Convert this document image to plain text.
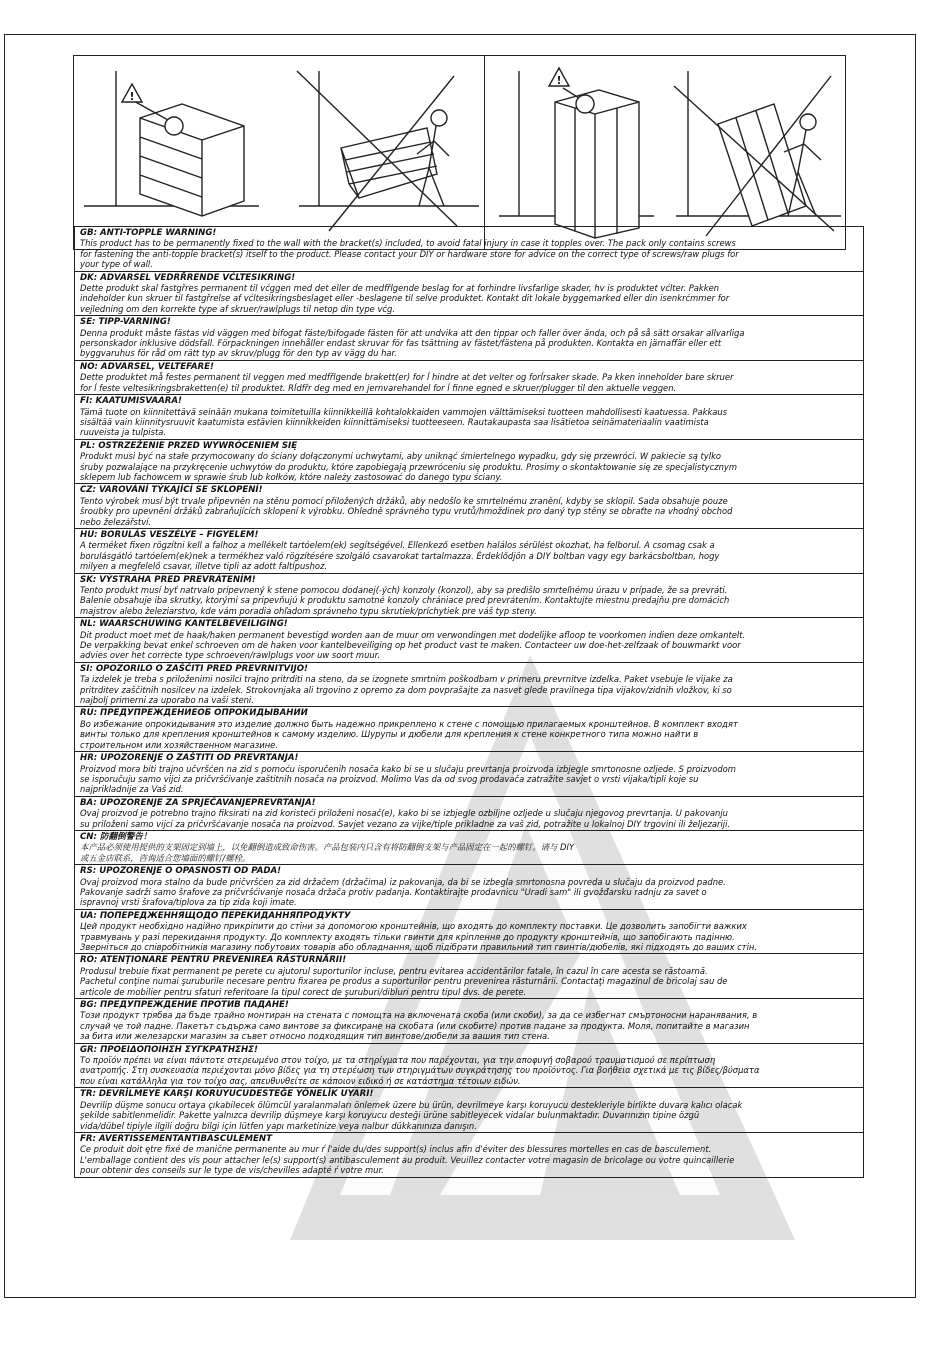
!
!
GB: ANTI-TOPPLE WARNING!

This product has to be permanently fixed to the wall with the bracket(s) included, to avoid fatal injury in case it topples over. The pack only contains screws
for fastening the anti-topple bracket(s) itself to the product. Please contact your DIY or hardware store for advice on the correct type of screws/raw plugs for
your type of wall.

DK: ADVARSEL VEDRŘRENDE VĆLTESIKRING!

Dette produkt skal fastgřres permanent til vćggen med det eller de medfřlgende beslag for at forhindre livsfarlige skader, hv is produktet vćlter. Pakken
indeholder kun skruer til fastgřrelse af vćltesikringsbeslaget eller -beslagene til selve produktet. Kontakt dit lokale byggemarked eller din isenkrćmmer for
vejledning om den korrekte type af skruer/rawlplugs til netop din type vćg.

SE: TIPP-VARNING!

Denna produkt måste fästas vid väggen med bifogat fäste/bifogade fästen för att undvika att den tippar och faller över ända, och på så sätt orsakar allvarliga
personskador inklusive dödsfall. Förpackningen innehåller endast skruvar för fas tsättning av fästet/fästena på produkten. Kontakta en järnaffär eller ett
byggvaruhus för råd om rätt typ av skruv/plugg för den typ av vägg du har.

NO: ADVARSEL, VELTEFARE!

Dette produktet må festes permanent til veggen med medfřlgende brakett(er) for ĺ hindre at det velter og forĺrsaker skade. Pa kken inneholder bare skruer
for ĺ feste veltesikringsbraketten(e) til produktet. Rĺdfřr deg med en jernvarehandel for ĺ finne egned e skruer/plugger til den aktuelle veggen.

FI: KAATUMISVAARA!

Tämä tuote on kiinnitettävä seinään mukana toimitetuilla kiinnikkeillä kohtalokkaiden vammojen välttämiseksi tuotteen mahdollisesti kaatuessa. Pakkaus
sisältää vain kiinnitysruuvit kaatumista estävien kiinnikkeiden kiinnittämiseksi tuotteeseen. Rautakaupasta saa lisätietoa seinämateriaalin vaatimista
ruuveista ja tulpista.

PL: OSTRZEŻENIE PRZED WYWRÓCENIEM SIĘ

Produkt musi być na stałe przymocowany do ściany dołączonymi uchwytami, aby uniknąć śmiertelnego wypadku, gdy się przewróci. W pakiecie są tylko
śruby pozwalające na przykręcenie uchwytów do produktu, które zapobiegają przewróceniu się produktu. Prosimy o skontaktowanie się ze specjalistycznym
sklepem lub fachowcem w sprawie śrub lub kołków, które należy zastosować do danego typu ściany.

CZ: VAROVÁNÍ TÝKAJÍCÍ SE SKLOPENÍ!

Tento výrobek musí být trvale připevněn na stěnu pomocí přiložených držáků, aby nedošlo ke smrtelnému zranění, kdyby se sklopil. Sada obsahuje pouze
šroubky pro upevnění držáků zabraňujících sklopení k výrobku. Ohledně správného typu vrutů/hmoždinek pro daný typ stěny se obraťte na vhodný obchod
nebo železářství.

HU: BORULÁS VESZÉLYE – FIGYELEM!

A terméket fixen rögzítni kell a falhoz a mellékelt tartóelem(ek) segítségével. Ellenkező esetben halálos sérülést okozhat, ha felborul. A csomag csak a
borulásgátló tartóelem(ek)nek a termékhez való rögzítésére szolgáló csavarokat tartalmazza. Érdeklődjön a DIY boltban vagy egy barkácsboltban, hogy
milyen a megfelelő csavar, illetve tipli az adott faltípushoz.

SK: VÝSTRAHA PRED PREVRÁTENÍM!

Tento produkt musí byť natrvalo pripevnený k stene pomocou dodanej(-ých) konzoly (konzol), aby sa predišlo smrteľnému úrazu v prípade, že sa prevráti.
Balenie obsahuje iba skrutky, ktorými sa pripevňujú k produktu samotné konzoly chrániace pred prevrátením. Kontaktujte miestnu predajňu pre domácich
majstrov alebo železiarstvo, kde vám poradia ohľadom správneho typu skrutiek/príchytiek pre váš typ steny.

NL: WAARSCHUWING KANTELBEVEILIGING!

Dit product moet met de haak/haken permanent bevestigd worden aan de muur om verwondingen met dodelijke afloop te voorkomen indien deze omkantelt.
De verpakking bevat enkel schroeven om de haken voor kantelbeveiliging op het product vast te maken. Contacteer uw doe-het-zelfzaak of bouwmarkt voor
advies over het correcte type schroeven/rawlplugs voor uw soort muur.

SI: OPOZORILO O ZAŠČITI PRED PREVRNITVIJO!

Ta izdelek je treba s priloženimi nosilci trajno pritrditi na steno, da se izognete smrtnim poškodbam v primeru prevrnitve izdelka. Paket vsebuje le vijake za
pritrditev zaščitnih nosilcev na izdelek. Strokovnjaka ali trgovino z opremo za dom povprašajte za nasvet glede pravilnega tipa vijakov/zidnih vložkov, ki so
najbolj primerni za uporabo na vaši steni.

RU: ПРЕДУПРЕЖДЕНИЕОБ ОПРОКИДЫВАНИИ

Во избежание опрокидывания это изделие должно быть надежно прикреплено к стене с помощью прилагаемых кронштейнов. В комплект входят
винты только для крепления кронштейнов к самому изделию. Шурупы и дюбели для крепления к стене конкретного типа можно найти в
строительном или хозяйственном магазине.

HR: UPOZORENJE O ZAŠTITI OD PREVRTANJA!

Proizvod mora biti trajno učvršćen na zid s pomoću isporučenih nosača kako bi se u slučaju prevrtanja proizvoda izbjegle smrtonosne ozljede. S proizvodom
se isporučuju samo vijci za pričvršćivanje zaštitnih nosača na proizvod. Molimo Vas da od svog prodavača zatražite savjet o vrsti vijaka/tipli koje su
najprikladnije za Vaš zid.

BA: UPOZORENJE ZA SPRJEČAVANJEPREVRTANJA!

Ovaj proizvod je potrebno trajno fiksirati na zid koristeći priloženi nosač(e), kako bi se izbjegle ozbiljne ozljede u slučaju njegovog prevrtanja. U pakovanju
su priloženi samo vijci za pričvršćavanje nosača na proizvod. Savjet vezano za vijke/tiple prikladne za vaš zid, potražite u lokalnoj DIY trgovini ili željezariji.

CN: 防翻倒警告！

本产品必须使用提供的支架固定到墙上，以免翻倒造成致命伤害。产品包装内只含有将防翻倒支架与产品固定在一起的螺钉。请与 DIY
或五金店联系，咨询适合您墙面的螺钉/螺栓。

RS: UPOZORENJE O OPASNOSTI OD PADA!

Ovaj proizvod mora stalno da bude pričvršćen za zid držačem (držačima) iz pakovanja, da bi se izbegla smrtonosna povreda u slučaju da proizvod padne.
Pakovanje sadrži samo šrafove za pričvršćivanje nosača držača protiv padanja. Kontaktirajte prodavnicu "Uradi sam" ili gvožđarsku radnju za savet o
ispravnoj vrsti šrafova/tiplova za tip zida koji imate.

UA: ПОПЕРЕДЖЕННЯЩОДО ПЕРЕКИДАННЯПРОДУКТУ

Цей продукт необхідно надійно прикріпити до стіни за допомогою кронштейнів, що входять до комплекту поставки. Це дозволить запобігти важких
травмувань у разі перекидання продукту. До комплекту входять тільки гвинти для кріплення до продукту кронштейнів, що запобігають падінню.
Зверніться до співробітників магазину побутових товарів або обладнання, щоб підібрати правильний тип гвинтів/дюбелів, які підходять до ваших стін.

RO: ATENŢIONARE PENTRU PREVENIREA RĂSTURNĂRII!

Produsul trebuie fixat permanent pe perete cu ajutorul suporturilor incluse, pentru evitarea accidentărilor fatale, în cazul în care acesta se răstoarnă.
Pachetul conţine numai şuruburile necesare pentru fixarea pe produs a suporturilor pentru prevenirea răsturnării. Contactaţi magazinul de bricolaj sau de
articole de mobilier pentru sfaturi referitoare la tipul corect de şuruburi/dibluri pentru tipul dvs. de perete.

BG: ПРЕДУПРЕЖДЕНИЕ ПРОТИВ ПАДАНЕ!

Този продукт трябва да бъде трайно монтиран на стената с помощта на включената скоба (или скоби), за да се избегнат смъртоносни наранявания, в
случай че той падне. Пакетът съдържа само винтове за фиксиране на скобата (или скобите) против падане за продукта. Моля, попитайте в магазин
за бита или железарски магазин за съвет относно подходящия тип винтове/дюбели за вашия тип стена.

GR: ΠΡΟΕΙΔΟΠΟΙΗΣΗ ΣΥΓΚΡΑΤΗΣΗΣ!

Το προϊόν πρέπει να είναι πάντοτε στερεωμένο στον τοίχο, με τα στηρίγματα που παρέχονται, για την αποφυγή σοβαρού τραυματισμού σε περίπτωση
ανατροπής. Στη συσκευασία περιέχονται μόνο βίδες για τη στερέωση των στηριγμάτων συγκράτησης του προϊόντος. Για βοήθεια σχετικά με τις βίδες/βύσματα
που είναι κατάλληλα για τον τοίχο σας, απευθυνθείτε σε κάποιον ειδικό ή σε κατάστημα τέτοιων ειδών.

TR: DEVRİLMEYE KARŞI KORUYUCUDESTEĞE YÖNELİK UYARI!

Devrilip düşme sonucu ortaya çıkabilecek ölümcül yaralanmaları önlemek üzere bu ürün, devrilmeye karşı koruyucu destekleriyle birlikte duvara kalıcı olacak
şekilde sabitlenmelidir. Pakette yalnızca devrilip düşmeye karşı koruyucu desteği ürüne sabitleyecek vidalar bulunmaktadır. Duvarınızın tipine özgü
vida/dübel tipiyle ilgili doğru bilgi için lütfen yapı marketinize veya nalbur dükkanınıza danışın.

FR: AVERTISSEMENTANTIBASCULEMENT

Ce produit doit ętre fixé de manične permanente au mur ŕ l'aide du/des support(s) inclus afin d'éviter des blessures mortelles en cas de basculement.
L'emballage contient des vis pour attacher le(s) support(s) antibasculement au produit. Veuillez contacter votre magasin de bricolage ou votre quincaillerie
pour obtenir des conseils sur le type de vis/chevilles adapté ŕ votre mur.
